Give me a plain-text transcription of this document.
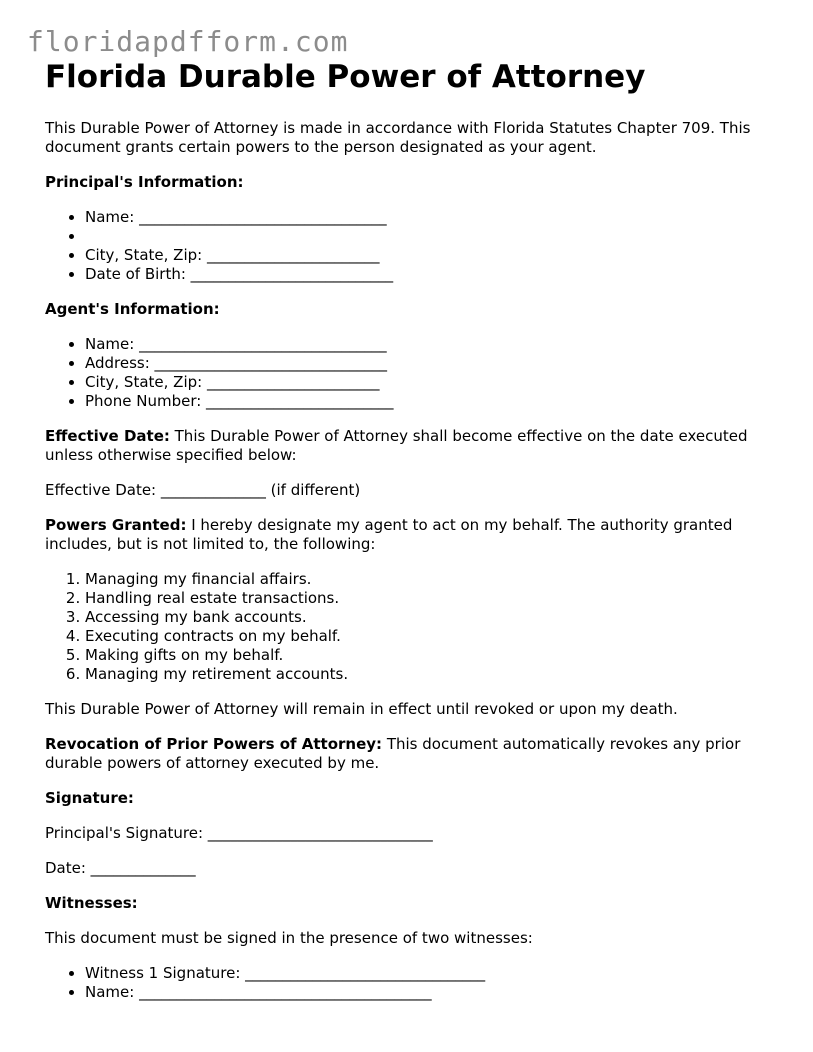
floridapdfform.com
Florida Durable Power of Attorney

This Durable Power of Attorney is made in accordance with Florida Statutes Chapter 709. This document grants certain powers to the person designated as your agent.

Principal's Information:

• Name: _________________________________
•
• City, State, Zip: _______________________
• Date of Birth: ___________________________

Agent's Information:

• Name: _________________________________
• Address: _______________________________
• City, State, Zip: _______________________
• Phone Number: _________________________

Effective Date: This Durable Power of Attorney shall become effective on the date executed unless otherwise specified below:

Effective Date: ______________ (if different)

Powers Granted: I hereby designate my agent to act on my behalf. The authority granted includes, but is not limited to, the following:

1. Managing my financial affairs.
2. Handling real estate transactions.
3. Accessing my bank accounts.
4. Executing contracts on my behalf.
5. Making gifts on my behalf.
6. Managing my retirement accounts.

This Durable Power of Attorney will remain in effect until revoked or upon my death.

Revocation of Prior Powers of Attorney: This document automatically revokes any prior durable powers of attorney executed by me.

Signature:

Principal's Signature: ______________________________

Date: ______________

Witnesses:

This document must be signed in the presence of two witnesses:

• Witness 1 Signature: ________________________________
• Name: _______________________________________
